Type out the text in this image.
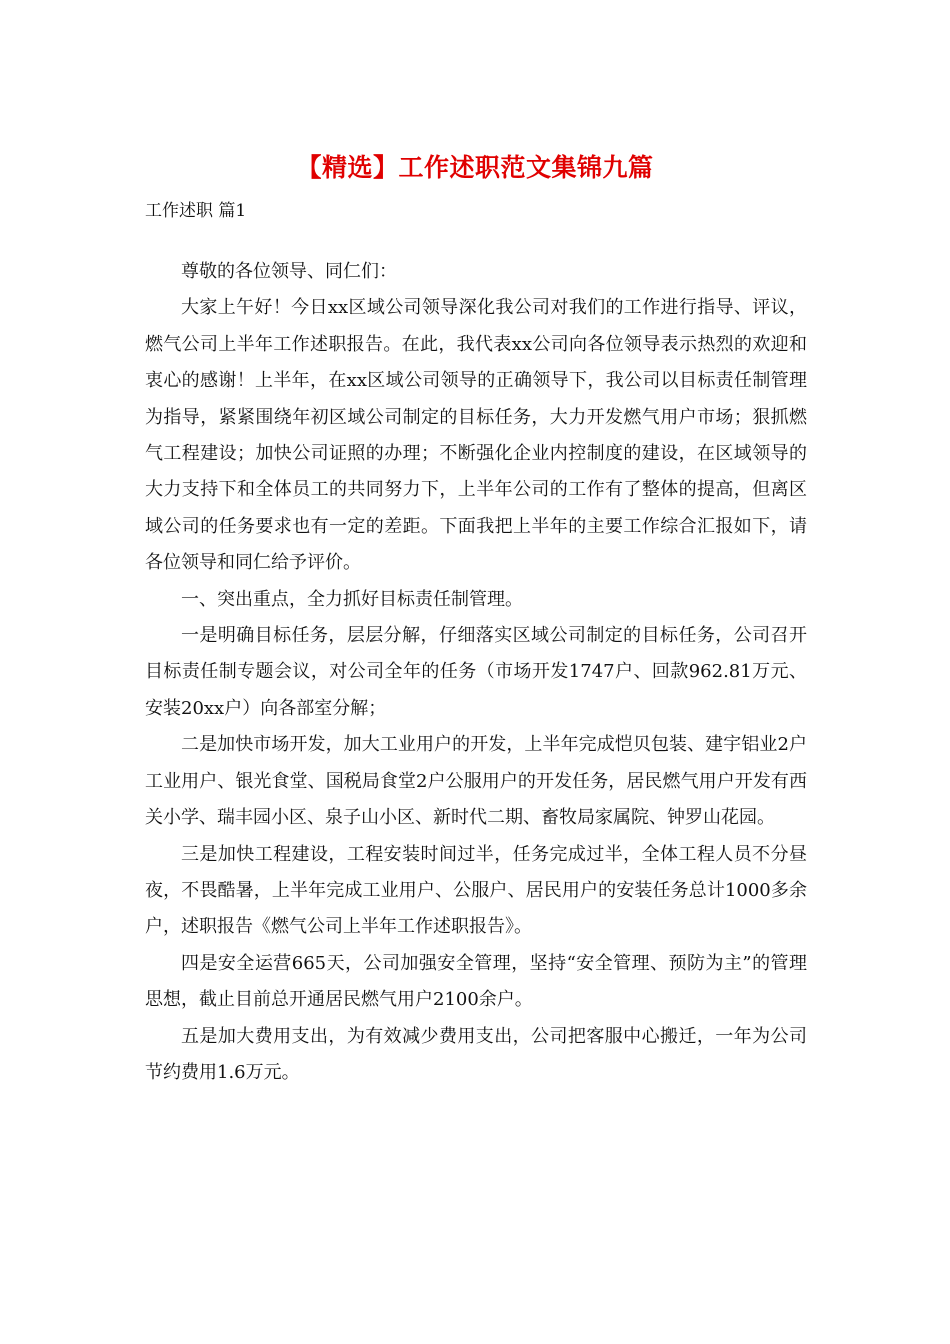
【精选】工作述职范文集锦九篇
工作述职 篇1

尊敬的各位领导、同仁们：

大家上午好！今日xx区域公司领导深化我公司对我们的工作进行指导、评议，燃气公司上半年工作述职报告。在此，我代表xx公司向各位领导表示热烈的欢迎和衷心的感谢！上半年，在xx区域公司领导的正确领导下，我公司以目标责任制管理为指导，紧紧围绕年初区域公司制定的目标任务，大力开发燃气用户市场；狠抓燃气工程建设；加快公司证照的办理；不断强化企业内控制度的建设，在区域领导的大力支持下和全体员工的共同努力下，上半年公司的工作有了整体的提高，但离区域公司的任务要求也有一定的差距。下面我把上半年的主要工作综合汇报如下，请各位领导和同仁给予评价。

一、突出重点，全力抓好目标责任制管理。

一是明确目标任务，层层分解，仔细落实区域公司制定的目标任务，公司召开目标责任制专题会议，对公司全年的任务（市场开发1747户、回款962.81万元、安装20xx户）向各部室分解；

二是加快市场开发，加大工业用户的开发，上半年完成恺贝包装、建宇铝业2户工业用户、银光食堂、国税局食堂2户公服用户的开发任务，居民燃气用户开发有西关小学、瑞丰园小区、泉子山小区、新时代二期、畜牧局家属院、钟罗山花园。

三是加快工程建设，工程安装时间过半，任务完成过半，全体工程人员不分昼夜，不畏酷暑，上半年完成工业用户、公服户、居民用户的安装任务总计1000多余户，述职报告《燃气公司上半年工作述职报告》。

四是安全运营665天，公司加强安全管理，坚持“安全管理、预防为主”的管理思想，截止目前总开通居民燃气用户2100余户。

五是加大费用支出，为有效减少费用支出，公司把客服中心搬迁，一年为公司节约费用1.6万元。
